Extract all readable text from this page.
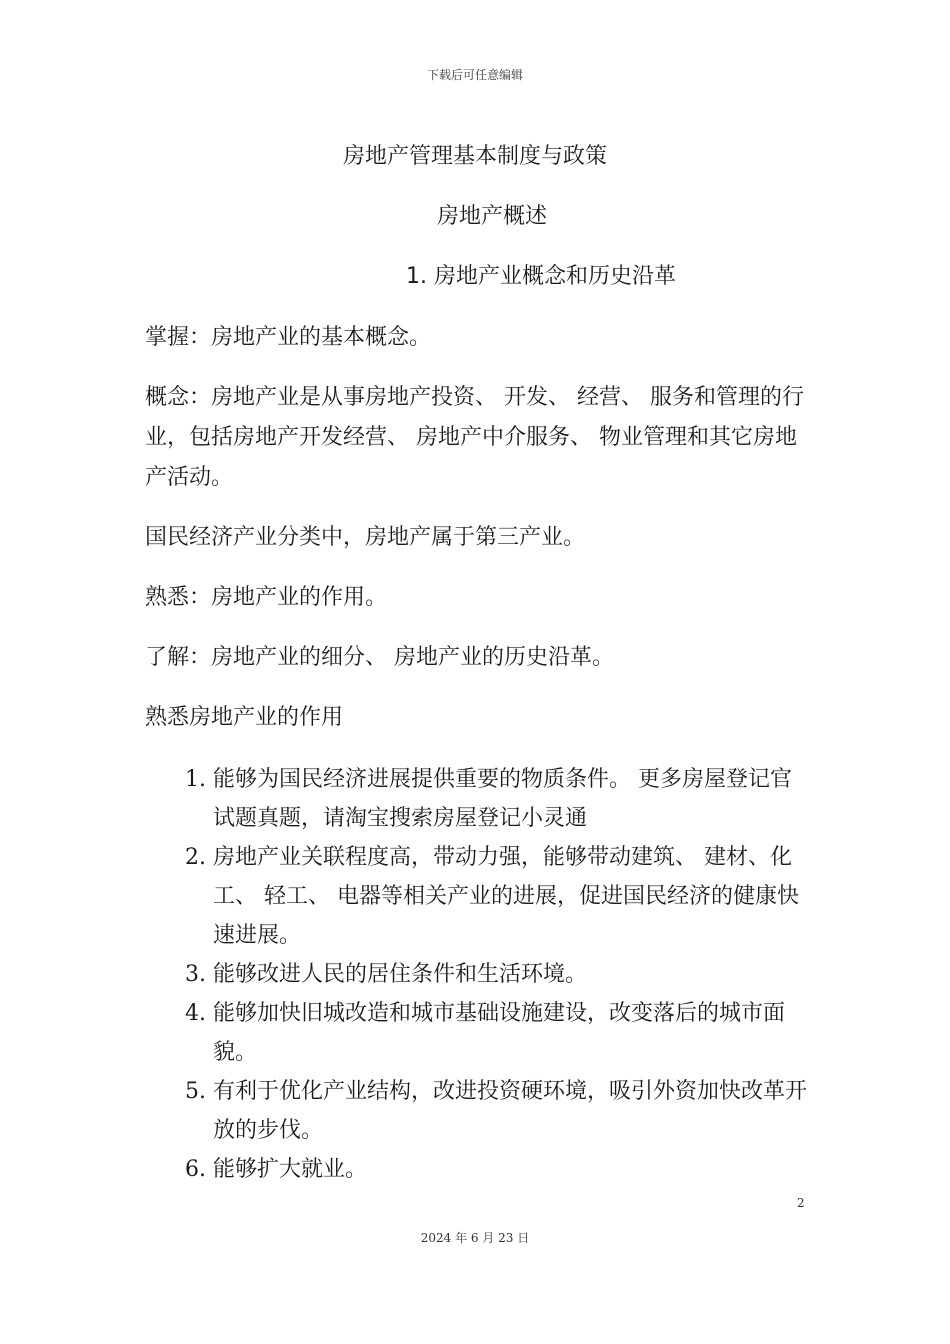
下载后可任意编辑
房地产管理基本制度与政策
房地产概述
1. 房地产业概念和历史沿革
掌握：房地产业的基本概念。
概念：房地产业是从事房地产投资、 开发、 经营、 服务和管理的行业，包括房地产开发经营、 房地产中介服务、 物业管理和其它房地产活动。
国民经济产业分类中，房地产属于第三产业。
熟悉：房地产业的作用。
了解：房地产业的细分、 房地产业的历史沿革。
熟悉房地产业的作用
1. 能够为国民经济进展提供重要的物质条件。 更多房屋登记官试题真题，请淘宝搜索房屋登记小灵通
2. 房地产业关联程度高，带动力强，能够带动建筑、 建材、化工、 轻工、 电器等相关产业的进展，促进国民经济的健康快速进展。
3. 能够改进人民的居住条件和生活环境。
4. 能够加快旧城改造和城市基础设施建设，改变落后的城市面貌。
5. 有利于优化产业结构，改进投资硬环境，吸引外资加快改革开放的步伐。
6. 能够扩大就业。
2
2024 年 6 月 23 日
